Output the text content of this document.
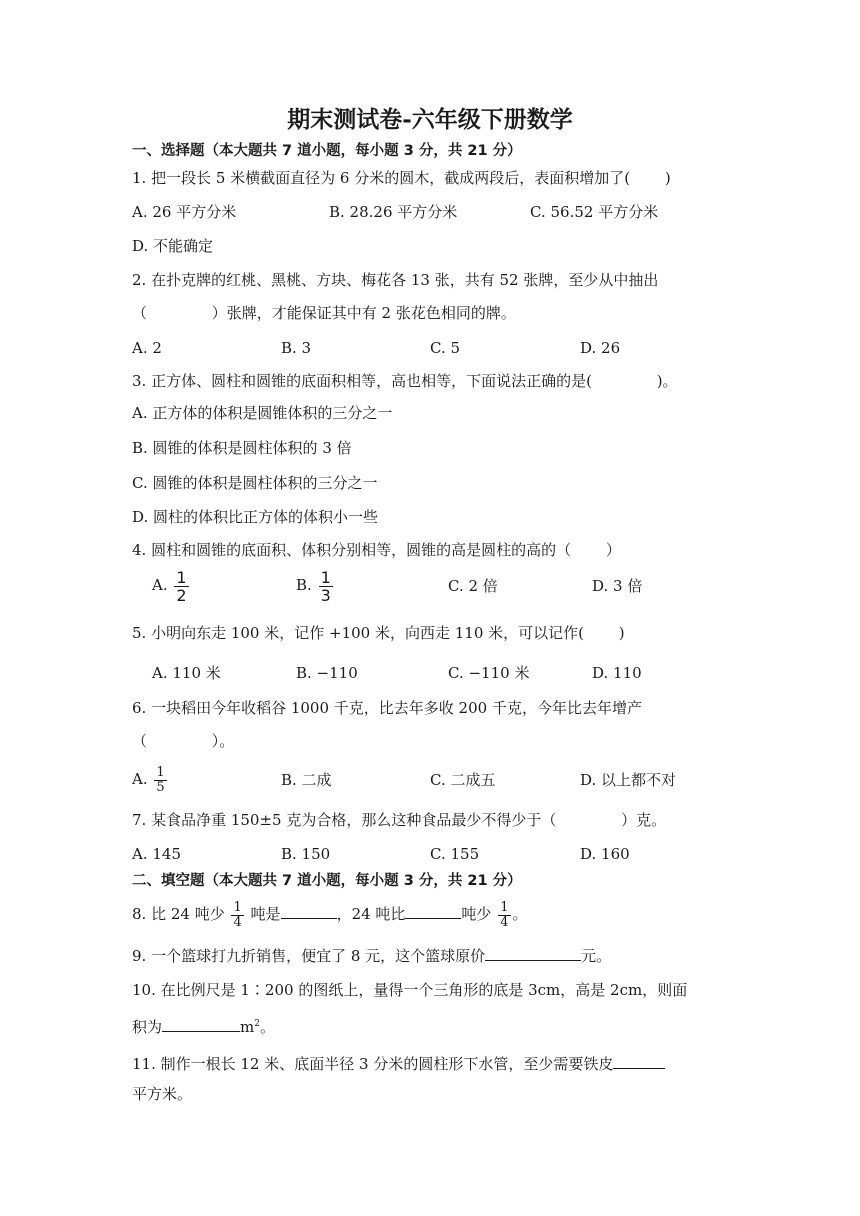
期末测试卷-六年级下册数学
一、选择题（本大题共 7 道小题，每小题 3 分，共 21 分）
1. 把一段长 5 米横截面直径为 6 分米的圆木，截成两段后，表面积增加了(　　 )
A. 26 平方分米	B. 28.26 平方分米	C. 56.52 平方分米
D. 不能确定
2. 在扑克牌的红桃、黑桃、方块、梅花各 13 张，共有 52 张牌，至少从中抽出
（　　　　 ）张牌，才能保证其中有 2 张花色相同的牌。
A. 2	B. 3	C. 5	D. 26
3. 正方体、圆柱和圆锥的底面积相等，高也相等，下面说法正确的是(　　　　 )。
A. 正方体的体积是圆锥体积的三分之一
B. 圆锥的体积是圆柱体积的 3 倍
C. 圆锥的体积是圆柱体积的三分之一
D. 圆柱的体积比正方体的体积小一些
4. 圆柱和圆锥的底面积、体积分别相等，圆锥的高是圆柱的高的（　　 ）
A. $\frac{1}{2}$	B. $\frac{1}{3}$	C. 2 倍	D. 3 倍
5. 小明向东走 100 米，记作 +100 米，向西走 110 米，可以记作(　　 )
A. 110 米	B. −110	C. −110 米	D. 110
6. 一块稻田今年收稻谷 1000 千克，比去年多收 200 千克，今年比去年增产
（　　　　 ）。
A. $\frac{1}{5}$	B. 二成	C. 二成五	D. 以上都不对
7. 某食品净重 150±5 克为合格，那么这种食品最少不得少于（　　　　 ）克。
A. 145	B. 150	C. 155	D. 160
二、填空题（本大题共 7 道小题，每小题 3 分，共 21 分）
8. 比 24 吨少 $\frac{1}{4}$ 吨是	，24 吨比	吨少 $\frac{1}{4}$ 。
9. 一个篮球打九折销售，便宜了 8 元，这个篮球原价	元。
10. 在比例尺是 1∶200 的图纸上，量得一个三角形的底是 3cm，高是 2cm，则面
积为	$m^2$。
11. 制作一根长 12 米、底面半径 3 分米的圆柱形下水管，至少需要铁皮
平方米。
